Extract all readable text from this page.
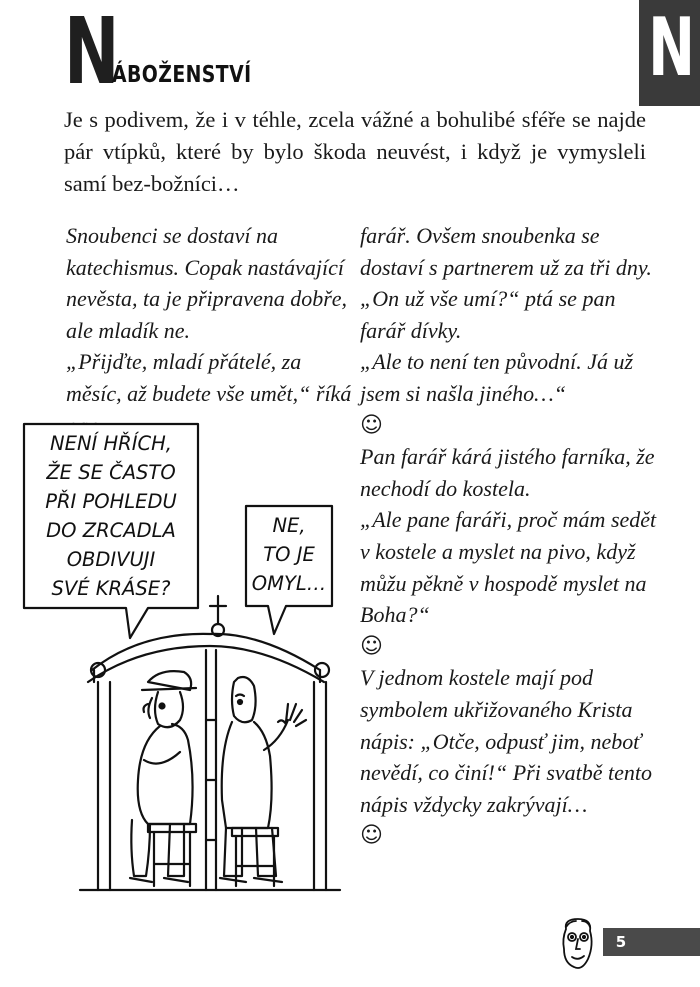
N
ÁBOŽENSTVÍ	N

Je s podivem, že i v téhle, zcela vážné a bohulibé sféře se najde pár vtípků, které by bylo škoda neuvést, i když je vymysleli samí bez-božníci…

Snoubenci se dostaví na katechismus. Copak nastávající nevěsta, ta je připravena dobře, ale mladík ne.

„Přijďte, mladí přátelé, za měsíc, až budete vše umět,“ říká

farář. Ovšem snoubenka se dostaví s partnerem už za tři dny.

„On už vše umí?“ ptá se pan farář dívky.

„Ale to není ten původní. Já už jsem si našla jiného…“

☺

Pan farář kárá jistého farníka, že nechodí do kostela.

„Ale pane faráři, proč mám sedět v kostele a myslet na pivo, když můžu pěkně v hospodě myslet na Boha?“

☺

V jednom kostele mají pod symbolem ukřižovaného Krista nápis: „Otče, odpusť jim, neboť nevědí, co činí!“ Při svatbě tento nápis vždycky zakrývají…

☺

NENÍ HŘÍCH,
ŽE SE ČASTO
PŘI POHLEDU
DO ZRCADLA
OBDIVUJI
SVÉ KRÁSE?
NE,
TO JE
OMYL…
5
